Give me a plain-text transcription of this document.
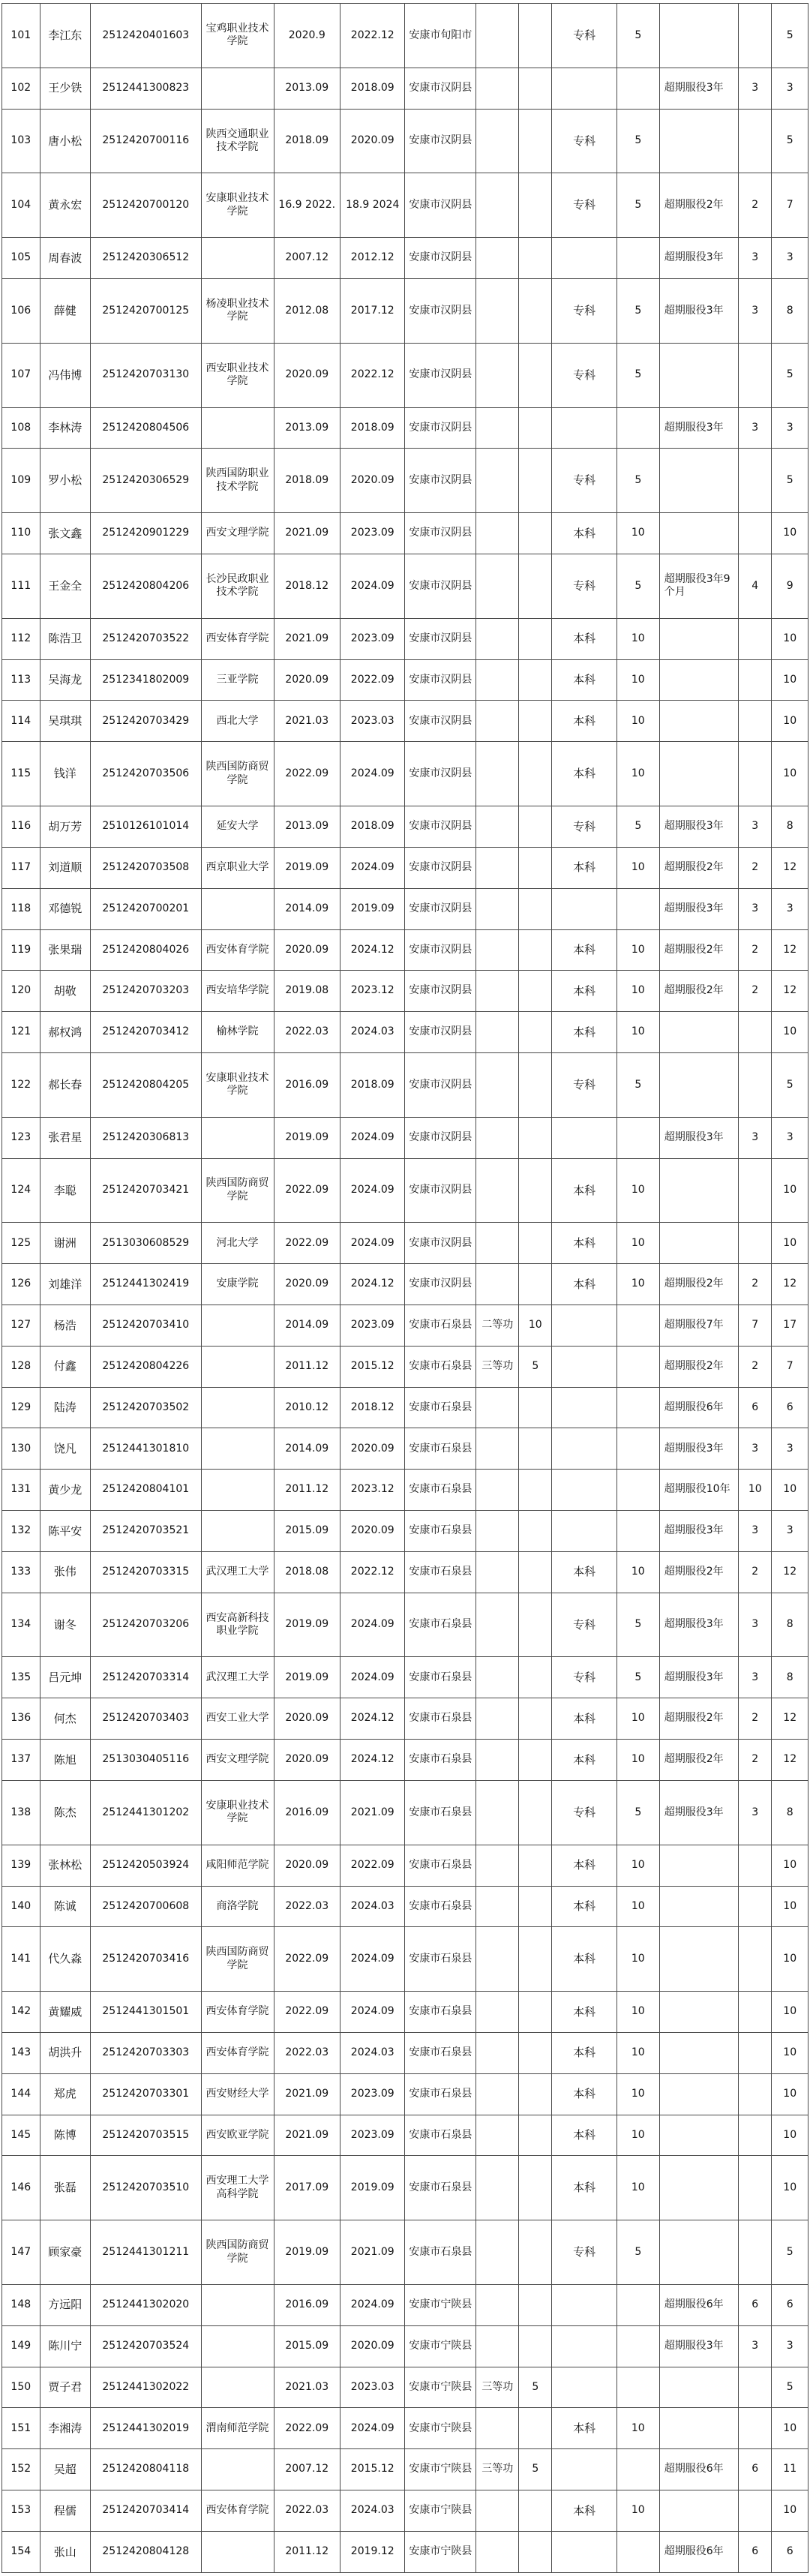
101	李江东	2512420401603	宝鸡职业技术学院	2020.9	2022.12	安康市旬阳市			专科	5			5
102	王少铁	2512441300823		2013.09	2018.09	安康市汉阴县					超期服役3年	3	3
103	唐小松	2512420700116	陕西交通职业技术学院	2018.09	2020.09	安康市汉阴县			专科	5			5
104	黄永宏	2512420700120	安康职业技术学院	16.9 2022.	18.9 2024	安康市汉阴县			专科	5	超期服役2年	2	7
105	周春波	2512420306512		2007.12	2012.12	安康市汉阴县					超期服役3年	3	3
106	薛健	2512420700125	杨凌职业技术学院	2012.08	2017.12	安康市汉阴县			专科	5	超期服役3年	3	8
107	冯伟博	2512420703130	西安职业技术学院	2020.09	2022.12	安康市汉阴县			专科	5			5
108	李林涛	2512420804506		2013.09	2018.09	安康市汉阴县					超期服役3年	3	3
109	罗小松	2512420306529	陕西国防职业技术学院	2018.09	2020.09	安康市汉阴县			专科	5			5
110	张文鑫	2512420901229	西安文理学院	2021.09	2023.09	安康市汉阴县			本科	10			10
111	王金全	2512420804206	长沙民政职业技术学院	2018.12	2024.09	安康市汉阴县			专科	5	超期服役3年9个月	4	9
112	陈浩卫	2512420703522	西安体育学院	2021.09	2023.09	安康市汉阴县			本科	10			10
113	吴海龙	2512341802009	三亚学院	2020.09	2022.09	安康市汉阴县			本科	10			10
114	吴琪琪	2512420703429	西北大学	2021.03	2023.03	安康市汉阴县			本科	10			10
115	钱洋	2512420703506	陕西国防商贸学院	2022.09	2024.09	安康市汉阴县			本科	10			10
116	胡万芳	2510126101014	延安大学	2013.09	2018.09	安康市汉阴县			专科	5	超期服役3年	3	8
117	刘道顺	2512420703508	西京职业大学	2019.09	2024.09	安康市汉阴县			本科	10	超期服役2年	2	12
118	邓德锐	2512420700201		2014.09	2019.09	安康市汉阴县					超期服役3年	3	3
119	张果瑞	2512420804026	西安体育学院	2020.09	2024.12	安康市汉阴县			本科	10	超期服役2年	2	12
120	胡敬	2512420703203	西安培华学院	2019.08	2023.12	安康市汉阴县			本科	10	超期服役2年	2	12
121	郝权鸿	2512420703412	榆林学院	2022.03	2024.03	安康市汉阴县			本科	10			10
122	郝长春	2512420804205	安康职业技术学院	2016.09	2018.09	安康市汉阴县			专科	5			5
123	张君星	2512420306813		2019.09	2024.09	安康市汉阴县					超期服役3年	3	3
124	李聪	2512420703421	陕西国防商贸学院	2022.09	2024.09	安康市汉阴县			本科	10			10
125	谢洲	2513030608529	河北大学	2022.09	2024.09	安康市汉阴县			本科	10			10
126	刘雄洋	2512441302419	安康学院	2020.09	2024.12	安康市汉阴县			本科	10	超期服役2年	2	12
127	杨浩	2512420703410		2014.09	2023.09	安康市石泉县	二等功	10			超期服役7年	7	17
128	付鑫	2512420804226		2011.12	2015.12	安康市石泉县	三等功	5			超期服役2年	2	7
129	陆涛	2512420703502		2010.12	2018.12	安康市石泉县					超期服役6年	6	6
130	饶凡	2512441301810		2014.09	2020.09	安康市石泉县					超期服役3年	3	3
131	黄少龙	2512420804101		2011.12	2023.12	安康市石泉县					超期服役10年	10	10
132	陈平安	2512420703521		2015.09	2020.09	安康市石泉县					超期服役3年	3	3
133	张伟	2512420703315	武汉理工大学	2018.08	2022.12	安康市石泉县			本科	10	超期服役2年	2	12
134	谢冬	2512420703206	西安高新科技职业学院	2019.09	2024.09	安康市石泉县			专科	5	超期服役3年	3	8
135	吕元坤	2512420703314	武汉理工大学	2019.09	2024.09	安康市石泉县			专科	5	超期服役3年	3	8
136	何杰	2512420703403	西安工业大学	2020.09	2024.12	安康市石泉县			本科	10	超期服役2年	2	12
137	陈旭	2513030405116	西安文理学院	2020.09	2024.12	安康市石泉县			本科	10	超期服役2年	2	12
138	陈杰	2512441301202	安康职业技术学院	2016.09	2021.09	安康市石泉县			专科	5	超期服役3年	3	8
139	张林松	2512420503924	咸阳师范学院	2020.09	2022.09	安康市石泉县			本科	10			10
140	陈诚	2512420700608	商洛学院	2022.03	2024.03	安康市石泉县			本科	10			10
141	代久淼	2512420703416	陕西国防商贸学院	2022.09	2024.09	安康市石泉县			本科	10			10
142	黄耀威	2512441301501	西安体育学院	2022.09	2024.09	安康市石泉县			本科	10			10
143	胡洪升	2512420703303	西安体育学院	2022.03	2024.03	安康市石泉县			本科	10			10
144	郑虎	2512420703301	西安财经大学	2021.09	2023.09	安康市石泉县			本科	10			10
145	陈博	2512420703515	西安欧亚学院	2021.09	2023.09	安康市石泉县			本科	10			10
146	张磊	2512420703510	西安理工大学高科学院	2017.09	2019.09	安康市石泉县			本科	10			10
147	顾家豪	2512441301211	陕西国防商贸学院	2019.09	2021.09	安康市石泉县			专科	5			5
148	方远阳	2512441302020		2016.09	2024.09	安康市宁陕县					超期服役6年	6	6
149	陈川宁	2512420703524		2015.09	2020.09	安康市宁陕县					超期服役3年	3	3
150	贾子君	2512441302022		2021.03	2023.03	安康市宁陕县	三等功	5					5
151	李湘涛	2512441302019	渭南师范学院	2022.09	2024.09	安康市宁陕县			本科	10			10
152	吴超	2512420804118		2007.12	2015.12	安康市宁陕县	三等功	5			超期服役6年	6	11
153	程儒	2512420703414	西安体育学院	2022.03	2024.03	安康市宁陕县			本科	10			10
154	张山	2512420804128		2011.12	2019.12	安康市宁陕县					超期服役6年	6	6
